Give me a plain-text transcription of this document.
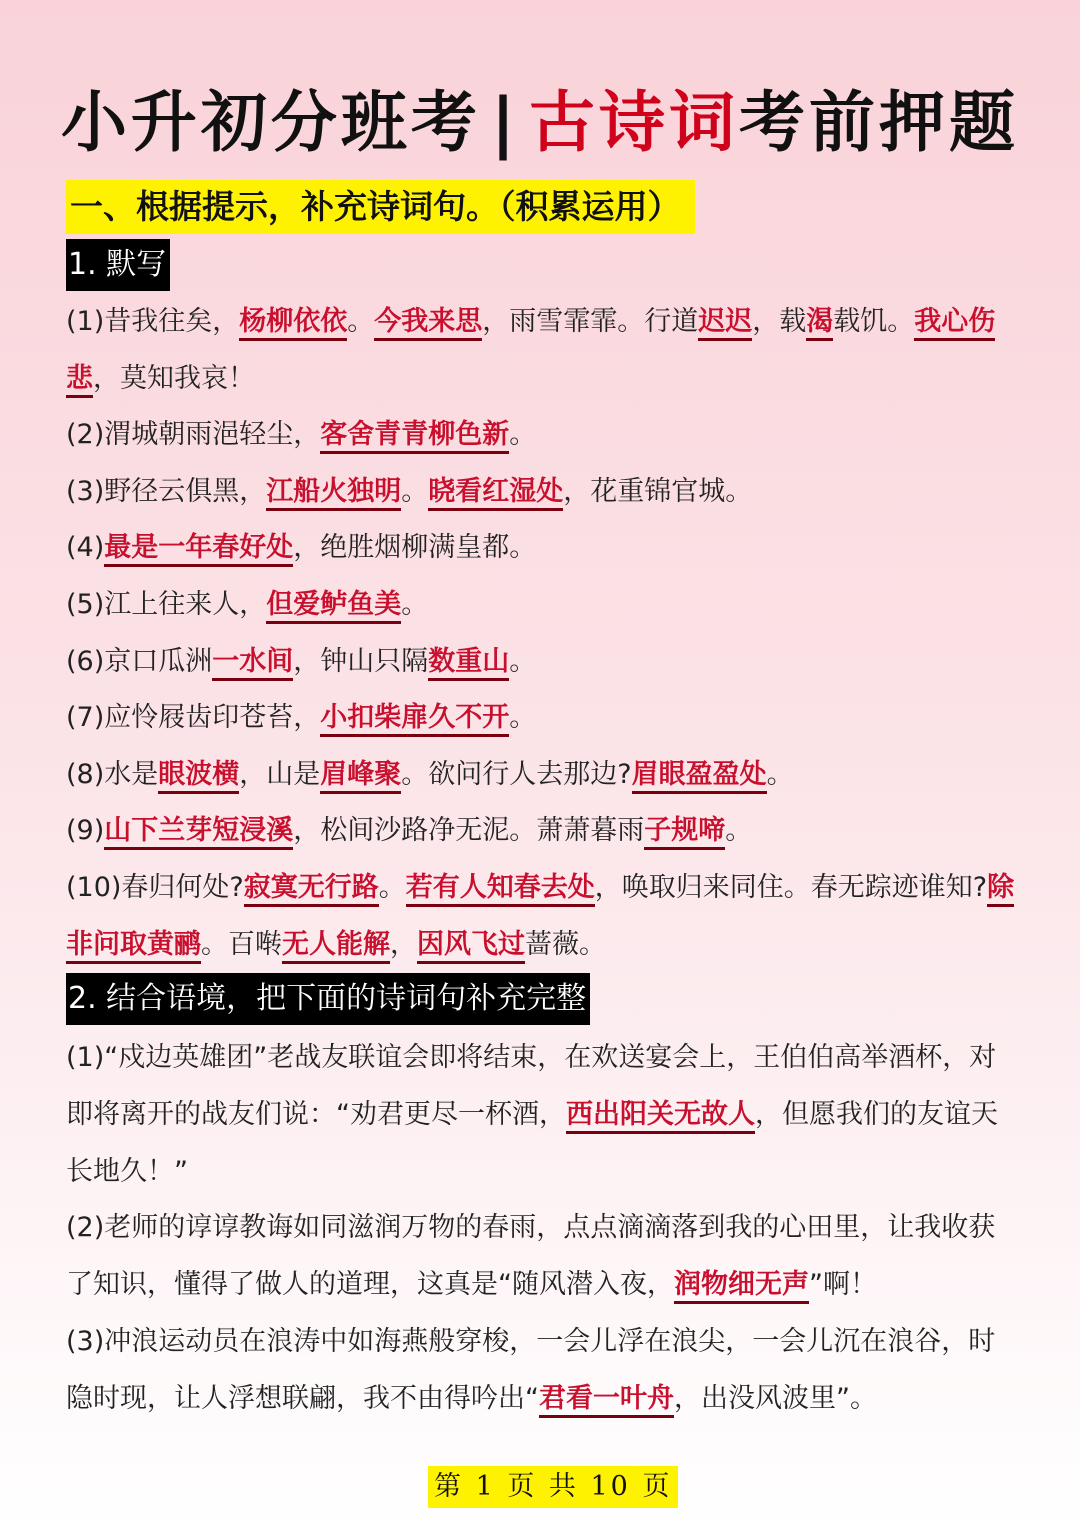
小升初分班考 | 古诗词考前押题
一、根据提示，补充诗词句。（积累运用）
1. 默写

(1)昔我往矣，杨柳依依。今我来思，雨雪霏霏。行道迟迟，载渴载饥。我心伤悲，莫知我哀！

(2)渭城朝雨浥轻尘，客舍青青柳色新。

(3)野径云俱黑，江船火独明。晓看红湿处，花重锦官城。

(4)最是一年春好处，绝胜烟柳满皇都。

(5)江上往来人，但爱鲈鱼美。

(6)京口瓜洲一水间，钟山只隔数重山。

(7)应怜屐齿印苍苔，小扣柴扉久不开。

(8)水是眼波横，山是眉峰聚。欲问行人去那边?眉眼盈盈处。

(9)山下兰芽短浸溪，松间沙路净无泥。萧萧暮雨子规啼。

(10)春归何处?寂寞无行路。若有人知春去处，唤取归来同住。春无踪迹谁知?除非问取黄鹂。百啭无人能解，因风飞过蔷薇。

2. 结合语境，把下面的诗词句补充完整

(1)“戍边英雄团”老战友联谊会即将结束，在欢送宴会上，王伯伯高举酒杯，对即将离开的战友们说：“劝君更尽一杯酒，西出阳关无故人，但愿我们的友谊天长地久！”

(2)老师的谆谆教诲如同滋润万物的春雨，点点滴滴落到我的心田里，让我收获了知识，懂得了做人的道理，这真是“随风潜入夜，润物细无声”啊！

(3)冲浪运动员在浪涛中如海燕般穿梭，一会儿浮在浪尖，一会儿沉在浪谷，时隐时现，让人浮想联翩，我不由得吟出“君看一叶舟，出没风波里”。

第 1 页 共 10 页
